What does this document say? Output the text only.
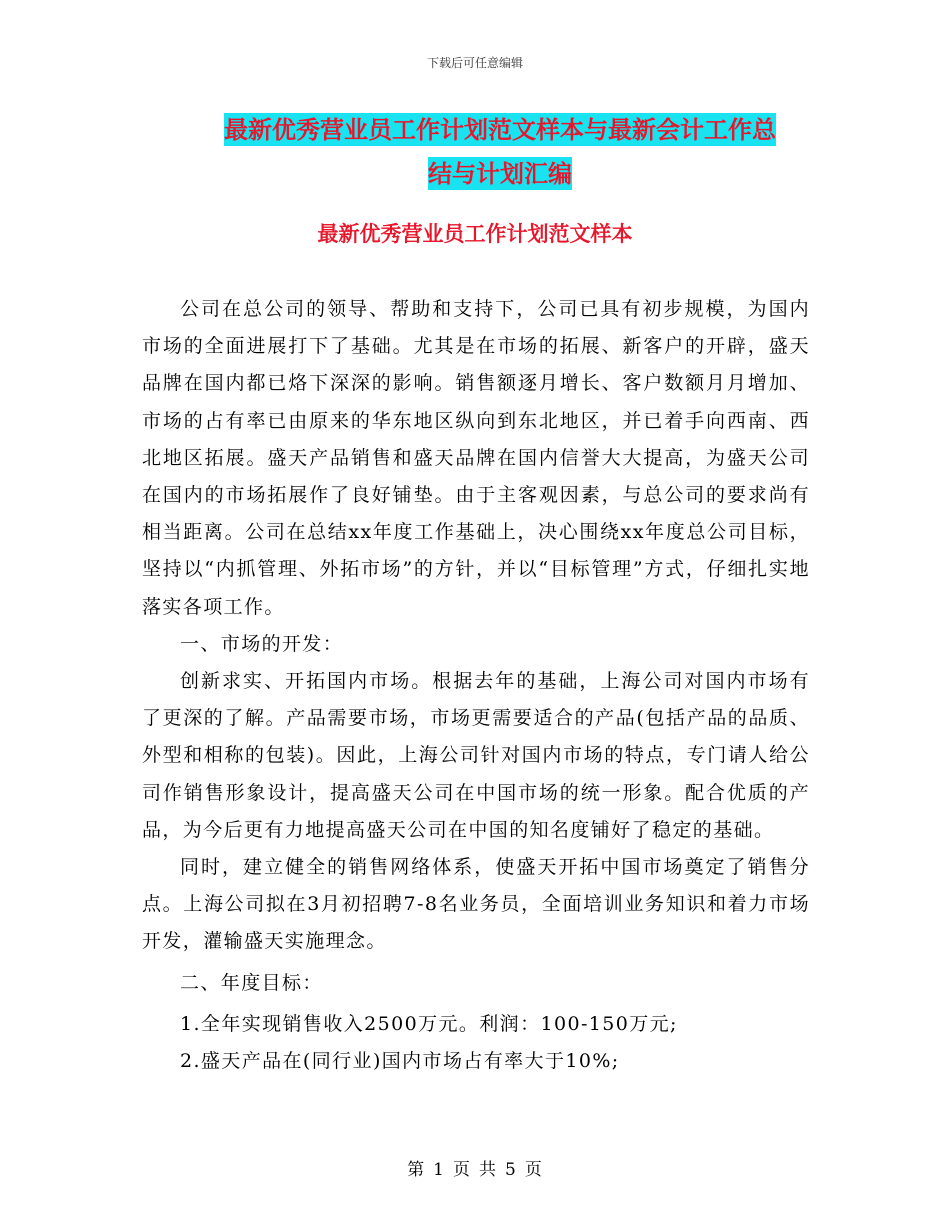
下载后可任意编辑
最新优秀营业员工作计划范文样本与最新会计工作总
结与计划汇编
最新优秀营业员工作计划范文样本

公司在总公司的领导、帮助和支持下，公司已具有初步规模，为国内市场的全面进展打下了基础。尤其是在市场的拓展、新客户的开辟，盛天品牌在国内都已烙下深深的影响。销售额逐月增长、客户数额月月增加、市场的占有率已由原来的华东地区纵向到东北地区，并已着手向西南、西北地区拓展。盛天产品销售和盛天品牌在国内信誉大大提高，为盛天公司在国内的市场拓展作了良好铺垫。由于主客观因素，与总公司的要求尚有相当距离。公司在总结xx年度工作基础上，决心围绕xx年度总公司目标，坚持以“内抓管理、外拓市场”的方针，并以“目标管理”方式，仔细扎实地落实各项工作。

一、市场的开发：

创新求实、开拓国内市场。根据去年的基础，上海公司对国内市场有了更深的了解。产品需要市场，市场更需要适合的产品(包括产品的品质、外型和相称的包装)。因此，上海公司针对国内市场的特点，专门请人给公司作销售形象设计，提高盛天公司在中国市场的统一形象。配合优质的产品，为今后更有力地提高盛天公司在中国的知名度铺好了稳定的基础。

同时，建立健全的销售网络体系，使盛天开拓中国市场奠定了销售分点。上海公司拟在3月初招聘7-8名业务员，全面培训业务知识和着力市场开发，灌输盛天实施理念。

二、年度目标：

1.全年实现销售收入2500万元。利润：100-150万元;

2.盛天产品在(同行业)国内市场占有率大于10%;

第 1 页 共 5 页
